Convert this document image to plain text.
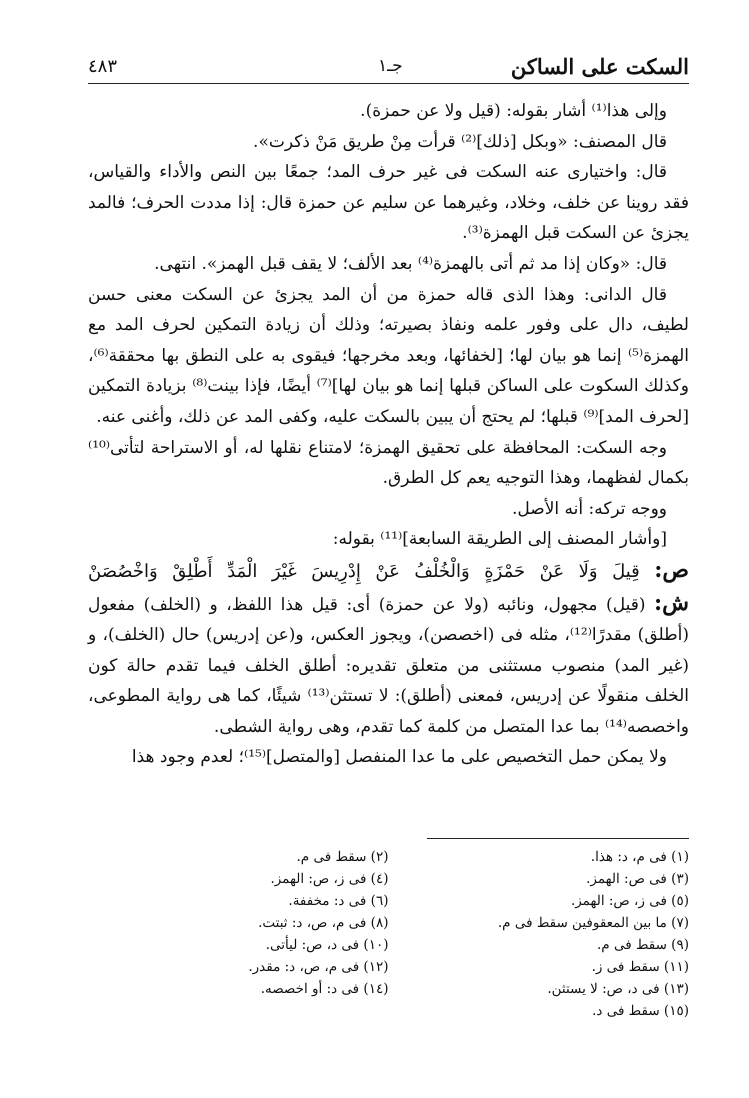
السكت على الساكن
جـ١
٤٨٣

وإلى هذا⁽¹⁾ أشار بقوله: (قيل ولا عن حمزة).

قال المصنف: «وبكل [ذلك]⁽²⁾ قرأت مِنْ طريق مَنْ ذكرت».

قال: واختيارى عنه السكت فى غير حرف المد؛ جمعًا بين النص والأداء والقياس، فقد روينا عن خلف، وخلاد، وغيرهما عن سليم عن حمزة قال: إذا مددت الحرف؛ فالمد يجزئ عن السكت قبل الهمزة⁽³⁾.

قال: «وكان إذا مد ثم أتى بالهمزة⁽⁴⁾ بعد الألف؛ لا يقف قبل الهمز». انتهى.

قال الدانى: وهذا الذى قاله حمزة من أن المد يجزئ عن السكت معنى حسن لطيف، دال على وفور علمه ونفاذ بصيرته؛ وذلك أن زيادة التمكين لحرف المد مع الهمزة⁽⁵⁾ إنما هو بيان لها؛ [لخفائها، وبعد مخرجها؛ فيقوى به على النطق بها محققة⁽⁶⁾، وكذلك السكوت على الساكن قبلها إنما هو بيان لها]⁽⁷⁾ أيضًا، فإذا بينت⁽⁸⁾ بزيادة التمكين [لحرف المد]⁽⁹⁾ قبلها؛ لم يحتج أن يبين بالسكت عليه، وكفى المد عن ذلك، وأغنى عنه.

وجه السكت: المحافظة على تحقيق الهمزة؛ لامتناع نقلها له، أو الاستراحة لتأتى⁽¹⁰⁾ بكمال لفظهما، وهذا التوجيه يعم كل الطرق.

ووجه تركه: أنه الأصل.

[وأشار المصنف إلى الطريقة السابعة]⁽¹¹⁾ بقوله:

ص: قِيلَ وَلَا عَنْ حَمْزَةٍ وَالْخُلْفُ عَنْ إِدْرِيسَ غَيْرَ الْمَدِّ أَطْلِقْ وَاخْصُصَنْ

ش: (قيل) مجهول، ونائبه (ولا عن حمزة) أى: قيل هذا اللفظ، و (الخلف) مفعول (أطلق) مقدرًا⁽¹²⁾، مثله فى (اخصصن)، ويجوز العكس، و(عن إدريس) حال (الخلف)، و (غير المد) منصوب مستثنى من متعلق تقديره: أطلق الخلف فيما تقدم حالة كون الخلف منقولًا عن إدريس، فمعنى (أطلق): لا تستثن⁽¹³⁾ شيئًا، كما هى رواية المطوعى، واخصصه⁽¹⁴⁾ بما عدا المتصل من كلمة كما تقدم، وهى رواية الشطى.

ولا يمكن حمل التخصيص على ما عدا المنفصل [والمتصل]⁽¹⁵⁾؛ لعدم وجود هذا

(١) فى م، د: هذا.
(٢) سقط فى م.
(٣) فى ص: الهمز.
(٤) فى ز، ص: الهمز.
(٥) فى ز، ص: الهمز.
(٦) فى د: مخففة.
(٧) ما بين المعقوفين سقط فى م.
(٨) فى م، ص، د: ثبتت.
(٩) سقط فى م.
(١٠) فى د، ص: ليأتى.
(١١) سقط فى ز.
(١٢) فى م، ص، د: مقدر.
(١٣) فى د، ص: لا يستثن.
(١٤) فى د: أو اخصصه.
(١٥) سقط فى د.
